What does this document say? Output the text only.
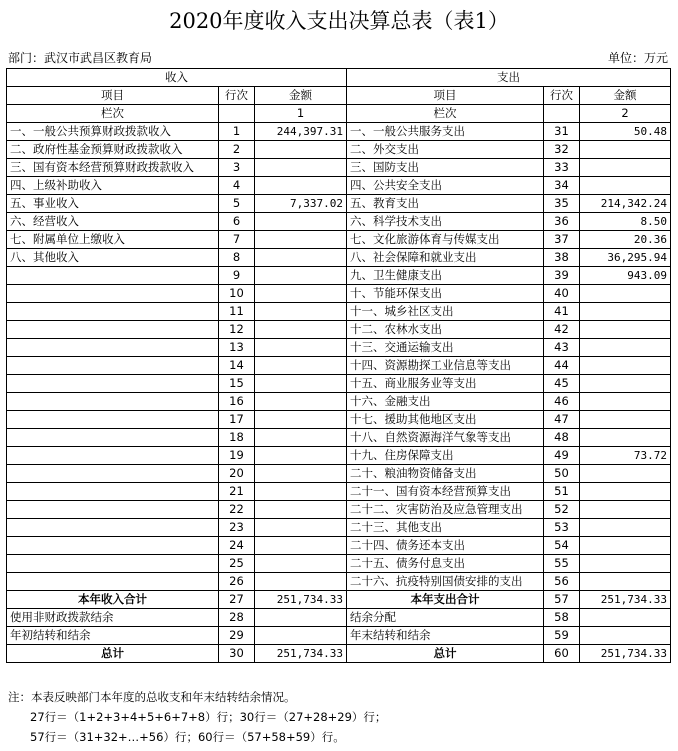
2020年度收入支出决算总表（表1）
部门：武汉市武昌区教育局	单位：万元
收入			支出		
项目	行次	金额	项目	行次	金额
栏次		1	栏次		2
一、一般公共预算财政拨款收入	1	244,397.31	一、一般公共服务支出	31	50.48
二、政府性基金预算财政拨款收入	2		二、外交支出	32	
三、国有资本经营预算财政拨款收入	3		三、国防支出	33	
四、上级补助收入	4		四、公共安全支出	34	
五、事业收入	5	7,337.02	五、教育支出	35	214,342.24
六、经营收入	6		六、科学技术支出	36	8.50
七、附属单位上缴收入	7		七、文化旅游体育与传媒支出	37	20.36
八、其他收入	8		八、社会保障和就业支出	38	36,295.94
	9		九、卫生健康支出	39	943.09
	10		十、节能环保支出	40	
	11		十一、城乡社区支出	41	
	12		十二、农林水支出	42	
	13		十三、交通运输支出	43	
	14		十四、资源勘探工业信息等支出	44	
	15		十五、商业服务业等支出	45	
	16		十六、金融支出	46	
	17		十七、援助其他地区支出	47	
	18		十八、自然资源海洋气象等支出	48	
	19		十九、住房保障支出	49	73.72
	20		二十、粮油物资储备支出	50	
	21		二十一、国有资本经营预算支出	51	
	22		二十二、灾害防治及应急管理支出	52	
	23		二十三、其他支出	53	
	24		二十四、债务还本支出	54	
	25		二十五、债务付息支出	55	
	26		二十六、抗疫特别国债安排的支出	56	
本年收入合计	27	251,734.33	本年支出合计	57	251,734.33
使用非财政拨款结余	28		结余分配	58	
年初结转和结余	29		年末结转和结余	59	
总计	30	251,734.33	总计	60	251,734.33
注：本表反映部门本年度的总收支和年末结转结余情况。
27行＝（1+2+3+4+5+6+7+8）行；30行＝（27+28+29）行；
57行＝（31+32+…+56）行；60行＝（57+58+59）行。
